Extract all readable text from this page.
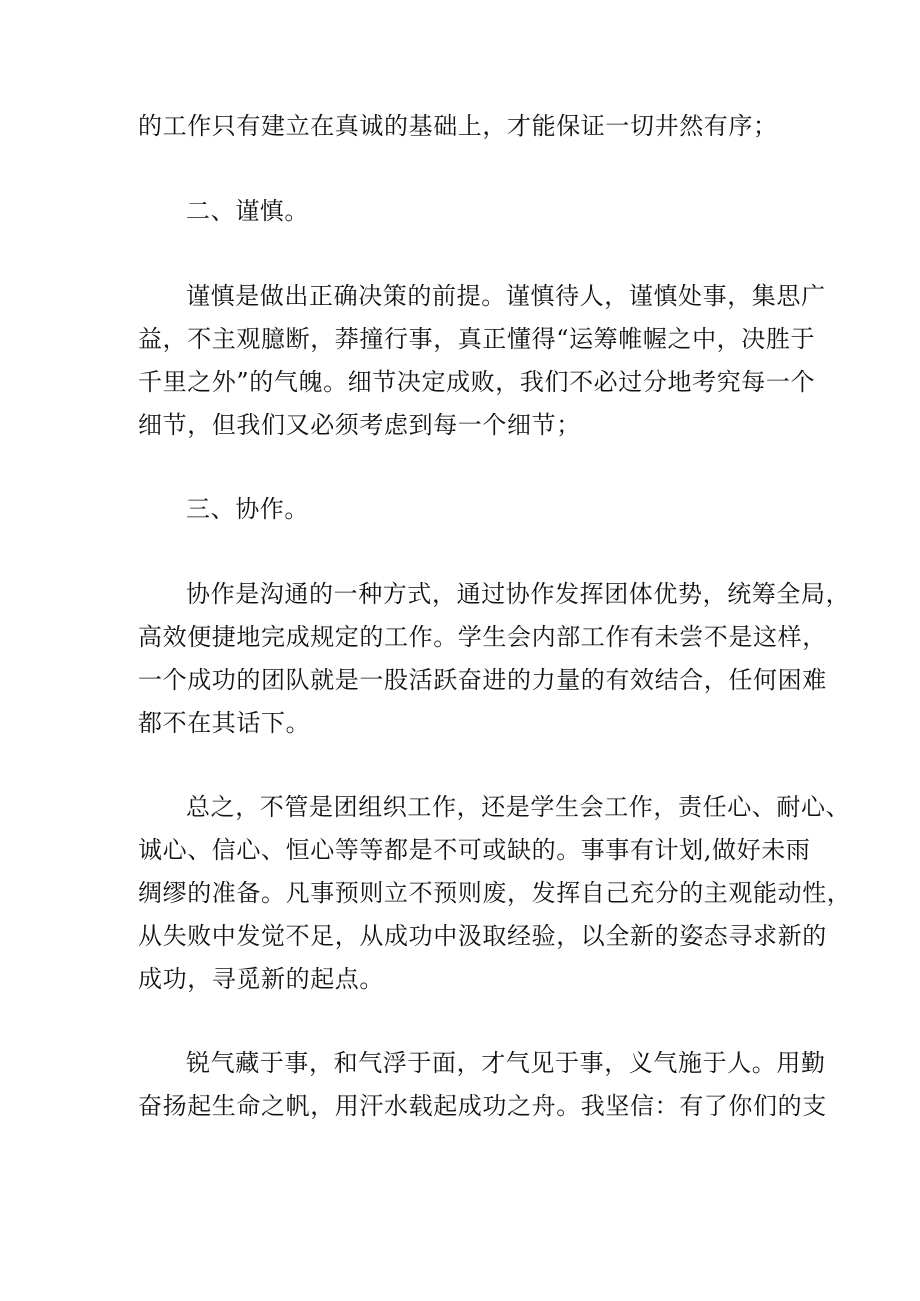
的工作只有建立在真诚的基础上，才能保证一切井然有序；
二、谨慎。
谨慎是做出正确决策的前提。谨慎待人，谨慎处事，集思广
益，不主观臆断，莽撞行事，真正懂得“运筹帷幄之中，决胜于
千里之外”的气魄。细节决定成败，我们不必过分地考究每一个
细节，但我们又必须考虑到每一个细节；
三、协作。
协作是沟通的一种方式，通过协作发挥团体优势，统筹全局，
高效便捷地完成规定的工作。学生会内部工作有未尝不是这样，
一个成功的团队就是一股活跃奋进的力量的有效结合，任何困难
都不在其话下。
总之，不管是团组织工作，还是学生会工作，责任心、耐心、
诚心、信心、恒心等等都是不可或缺的。事事有计划,做好未雨
绸缪的准备。凡事预则立不预则废，发挥自己充分的主观能动性，
从失败中发觉不足，从成功中汲取经验，以全新的姿态寻求新的
成功，寻觅新的起点。
锐气藏于事，和气浮于面，才气见于事，义气施于人。用勤
奋扬起生命之帆，用汗水载起成功之舟。我坚信：有了你们的支
